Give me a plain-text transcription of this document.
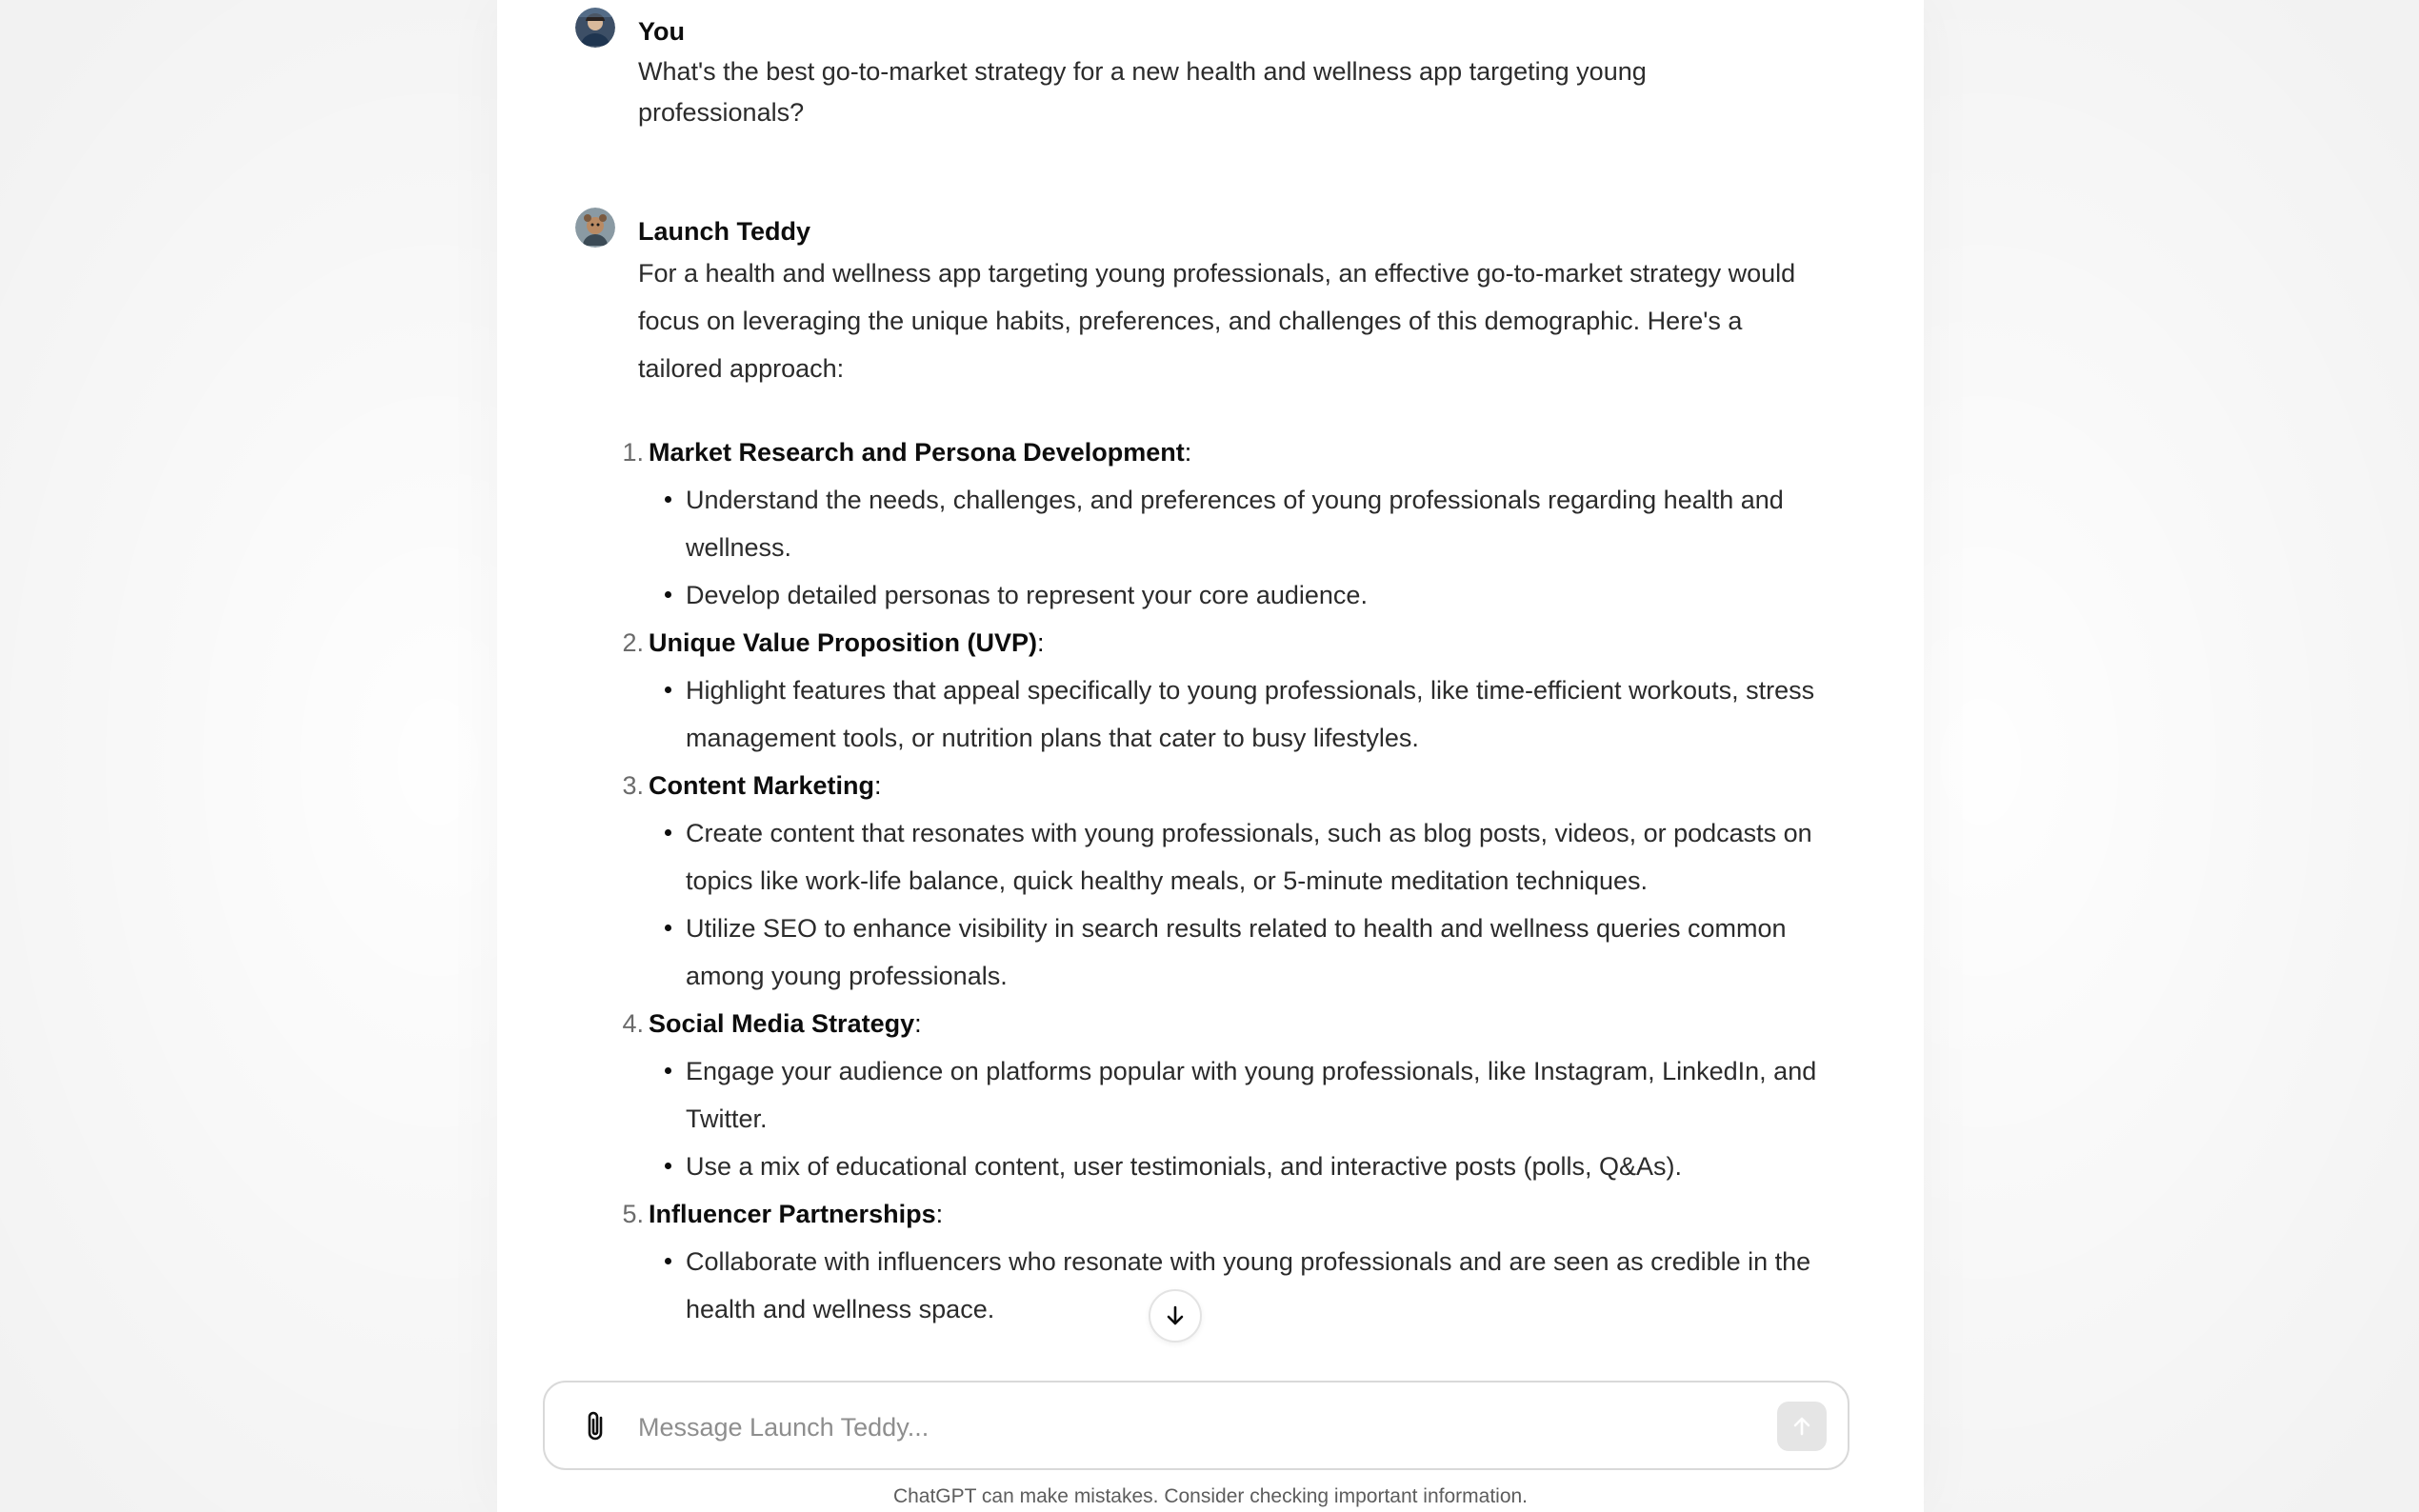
You
What's the best go-to-market strategy for a new health and wellness app targeting young professionals?
Launch Teddy
For a health and wellness app targeting young professionals, an effective go-to-market strategy would focus on leveraging the unique habits, preferences, and challenges of this demographic. Here's a tailored approach:
1. Market Research and Persona Development:
Understand the needs, challenges, and preferences of young professionals regarding health and wellness.
Develop detailed personas to represent your core audience.
2. Unique Value Proposition (UVP):
Highlight features that appeal specifically to young professionals, like time-efficient workouts, stress management tools, or nutrition plans that cater to busy lifestyles.
3. Content Marketing:
Create content that resonates with young professionals, such as blog posts, videos, or podcasts on topics like work-life balance, quick healthy meals, or 5-minute meditation techniques.
Utilize SEO to enhance visibility in search results related to health and wellness queries common among young professionals.
4. Social Media Strategy:
Engage your audience on platforms popular with young professionals, like Instagram, LinkedIn, and Twitter.
Use a mix of educational content, user testimonials, and interactive posts (polls, Q&As).
5. Influencer Partnerships:
Collaborate with influencers who resonate with young professionals and are seen as credible in the health and wellness space.
Message Launch Teddy...
ChatGPT can make mistakes. Consider checking important information.
